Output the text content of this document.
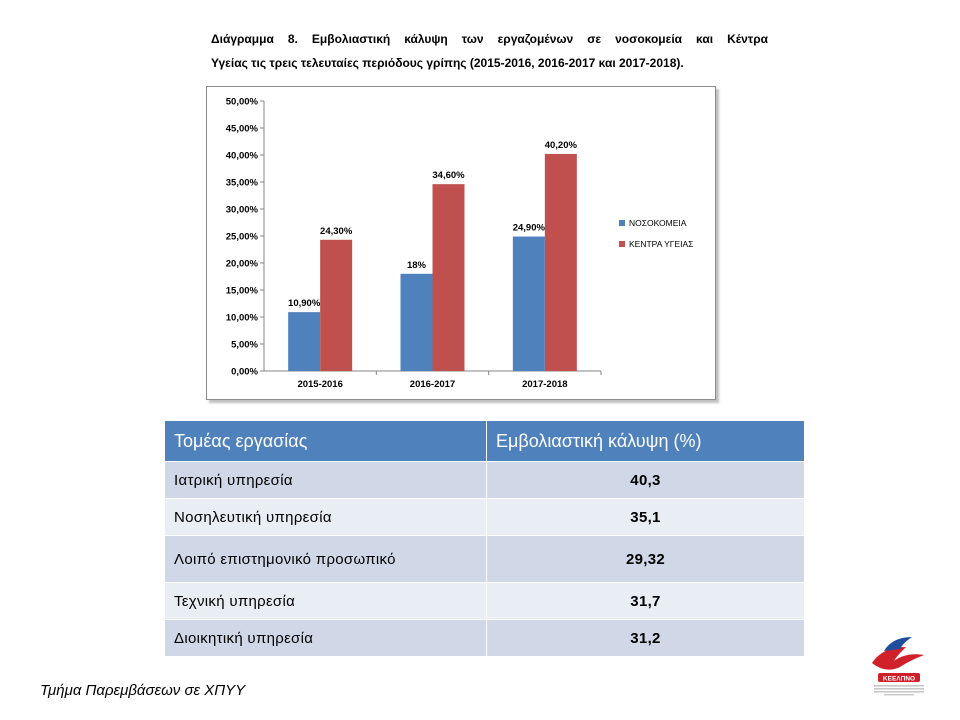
Διάγραμμα 8. Εμβολιαστική κάλυψη των εργαζομένων σε νοσοκομεία και Κέντρα
Υγείας τις τρεις τελευταίες περιόδους γρίπης (2015-2016, 2016-2017 και 2017-2018).
0,00%
5,00%
10,00%
15,00%
20,00%
25,00%
30,00%
35,00%
40,00%
45,00%
50,00%
2015-2016
10,90%
24,30%
2016-2017
18%
34,60%
2017-2018
24,90%
40,20%
ΝΟΣΟΚΟΜΕΙΑ
ΚΕΝΤΡΑ ΥΓΕΙΑΣ
Τομέας εργασίας	Εμβολιαστική κάλυψη (%)
Ιατρική υπηρεσία	40,3
Νοσηλευτική υπηρεσία	35,1
Λοιπό επιστημονικό προσωπικό	29,32
Τεχνική υπηρεσία	31,7
Διοικητική υπηρεσία	31,2
Τμήμα Παρεμβάσεων σε ΧΠΥΥ
ΚΕΕΛΠΝΟ
